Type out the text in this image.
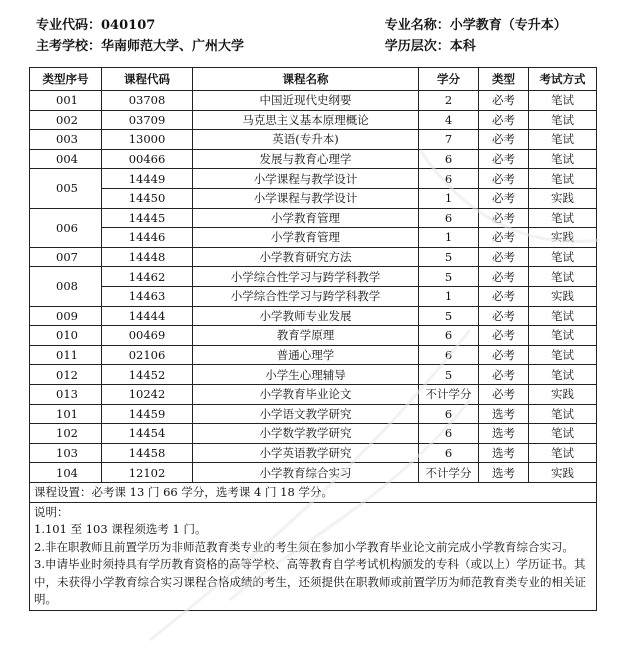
专业代码：040107	专业名称：小学教育（专升本）
主考学校：华南师范大学、广州大学	学历层次：本科
类型序号	课程代码	课程名称	学分	类型	考试方式
001	03708	中国近现代史纲要	2	必考	笔试
002	03709	马克思主义基本原理概论	4	必考	笔试
003	13000	英语(专升本)	7	必考	笔试
004	00466	发展与教育心理学	6	必考	笔试
005	14449	小学课程与教学设计	6	必考	笔试
	14450	小学课程与教学设计	1	必考	实践
006	14445	小学教育管理	6	必考	笔试
	14446	小学教育管理	1	必考	实践
007	14448	小学教育研究方法	5	必考	笔试
008	14462	小学综合性学习与跨学科教学	5	必考	笔试
	14463	小学综合性学习与跨学科教学	1	必考	实践
009	14444	小学教师专业发展	5	必考	笔试
010	00469	教育学原理	6	必考	笔试
011	02106	普通心理学	6	必考	笔试
012	14452	小学生心理辅导	5	必考	笔试
013	10242	小学教育毕业论文	不计学分	必考	实践
101	14459	小学语文教学研究	6	选考	笔试
102	14454	小学数学教学研究	6	选考	笔试
103	14458	小学英语教学研究	6	选考	笔试
104	12102	小学教育综合实习	不计学分	选考	实践
课程设置：必考课 13 门 66 学分，选考课 4 门 18 学分。					

说明：
1.101 至 103 课程须选考 1 门。
2.非在职教师且前置学历为非师范教育类专业的考生须在参加小学教育毕业论文前完成小学教育综合实习。
3.申请毕业时须持具有学历教育资格的高等学校、高等教育自学考试机构颁发的专科（或以上）学历证书。其中，未获得小学教育综合实习课程合格成绩的考生，还须提供在职教师或前置学历为师范教育类专业的相关证明。					
